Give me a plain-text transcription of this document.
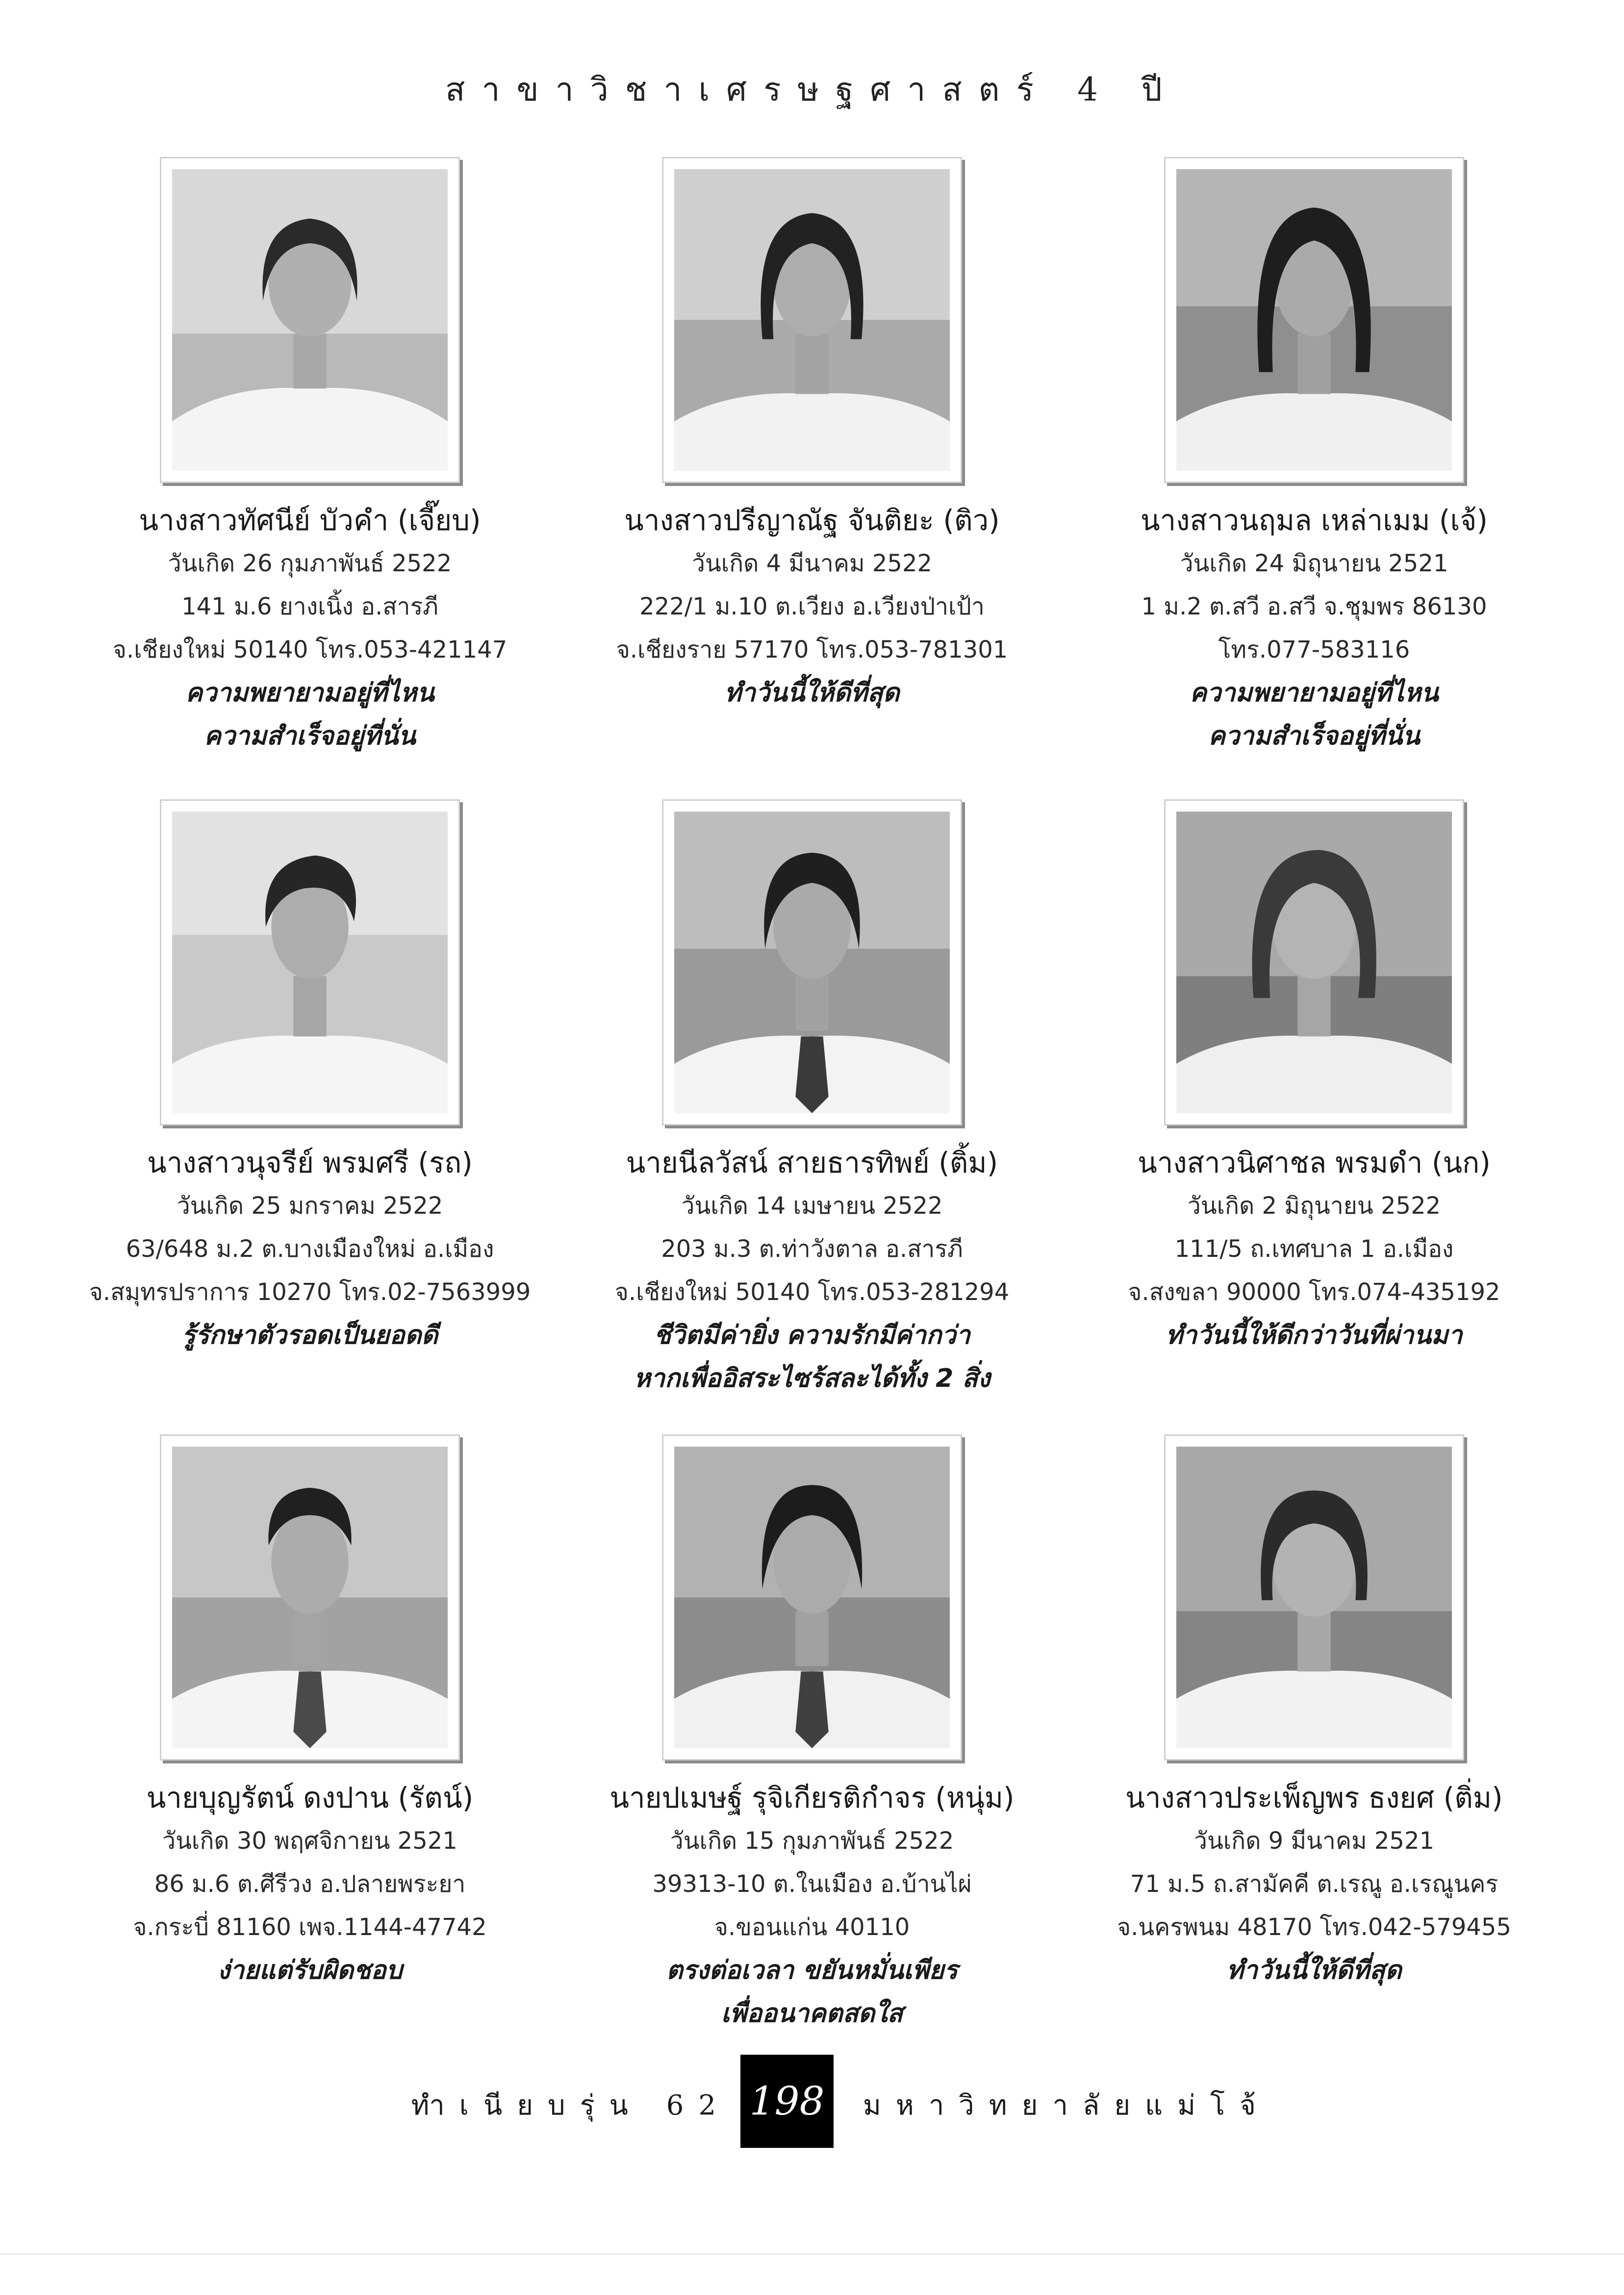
สาขาวิชาเศรษฐศาสตร์ 4 ปี
นางสาวทัศนีย์ บัวคำ (เจี๊ยบ)
วันเกิด 26 กุมภาพันธ์ 2522
141 ม.6 ยางเนิ้ง อ.สารภี
จ.เชียงใหม่ 50140 โทร.053-421147
ความพยายามอยู่ที่ไหน
ความสำเร็จอยู่ที่นั่น
นางสาวปรีญาณัฐ จันติยะ (ติว)
วันเกิด 4 มีนาคม 2522
222/1 ม.10 ต.เวียง อ.เวียงป่าเป้า
จ.เชียงราย 57170 โทร.053-781301
ทำวันนี้ให้ดีที่สุด
นางสาวนฤมล เหล่าเมม (เจ้)
วันเกิด 24 มิถุนายน 2521
1 ม.2 ต.สวี อ.สวี จ.ชุมพร 86130
โทร.077-583116
ความพยายามอยู่ที่ไหน
ความสำเร็จอยู่ที่นั่น
นางสาวนุจรีย์ พรมศรี (รถ)
วันเกิด 25 มกราคม 2522
63/648 ม.2 ต.บางเมืองใหม่ อ.เมือง
จ.สมุทรปราการ 10270 โทร.02-7563999
รู้รักษาตัวรอดเป็นยอดดี
นายนีลวัสน์ สายธารทิพย์ (ติ้ม)
วันเกิด 14 เมษายน 2522
203 ม.3 ต.ท่าวังตาล อ.สารภี
จ.เชียงใหม่ 50140 โทร.053-281294
ชีวิตมีค่ายิ่ง ความรักมีค่ากว่า
หากเพื่ออิสระไซร้สละได้ทั้ง 2 สิ่ง
นางสาวนิศาชล พรมดำ (นก)
วันเกิด 2 มิถุนายน 2522
111/5 ถ.เทศบาล 1 อ.เมือง
จ.สงขลา 90000 โทร.074-435192
ทำวันนี้ให้ดีกว่าวันที่ผ่านมา
นายบุญรัตน์ ดงปาน (รัตน์)
วันเกิด 30 พฤศจิกายน 2521
86 ม.6 ต.ศีรีวง อ.ปลายพระยา
จ.กระบี่ 81160 เพจ.1144-47742
ง่ายแต่รับผิดชอบ
นายปเมษฐ์ รุจิเกียรติกำจร (หนุ่ม)
วันเกิด 15 กุมภาพันธ์ 2522
39313-10 ต.ในเมือง อ.บ้านไผ่
จ.ขอนแก่น 40110
ตรงต่อเวลา ขยันหมั่นเพียร
เพื่ออนาคตสดใส
นางสาวประเพ็ญพร ธงยศ (ติ่ม)
วันเกิด 9 มีนาคม 2521
71 ม.5 ถ.สามัคคี ต.เรณู อ.เรณูนคร
จ.นครพนม 48170 โทร.042-579455
ทำวันนี้ให้ดีที่สุด
ทำเนียบรุ่น 62 198	มหาวิทยาลัยแม่โจ้
